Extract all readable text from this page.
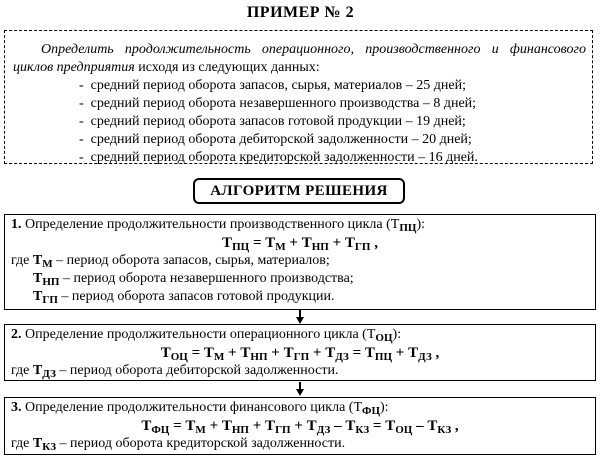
ПРИМЕР № 2
Определить продолжительность операционного, производственного и финансового циклов предприятия исходя из следующих данных:
-  средний период оборота запасов, сырья, материалов – 25 дней;
-  средний период оборота незавершенного производства – 8 дней;
-  средний период оборота запасов готовой продукции – 19 дней;
-  средний период оборота дебиторской задолженности – 20 дней;
-  средний период оборота кредиторской задолженности – 16 дней.
АЛГОРИТМ РЕШЕНИЯ
1. Определение продолжительности производственного цикла $(Т_{ПЦ})$:
$Т_{ПЦ} = Т_М + Т_{НП} + Т_{ГП}$ ,
где $Т_М$ – период оборота запасов, сырья, материалов;
$Т_{НП}$ – период оборота незавершенного производства;
$Т_{ГП}$ – период оборота запасов готовой продукции.
2. Определение продолжительности операционного цикла $(Т_{ОЦ})$:
$Т_{ОЦ} = Т_М + Т_{НП} + Т_{ГП} + Т_{ДЗ} = Т_{ПЦ} + Т_{ДЗ}$ ,
где $Т_{ДЗ}$ – период оборота дебиторской задолженности.
3. Определение продолжительности финансового цикла $(Т_{ФЦ})$:
$Т_{ФЦ} = Т_М + Т_{НП} + Т_{ГП} + Т_{ДЗ} - Т_{КЗ} = Т_{ОЦ} - Т_{КЗ}$ ,
где $Т_{КЗ}$ – период оборота кредиторской задолженности.
